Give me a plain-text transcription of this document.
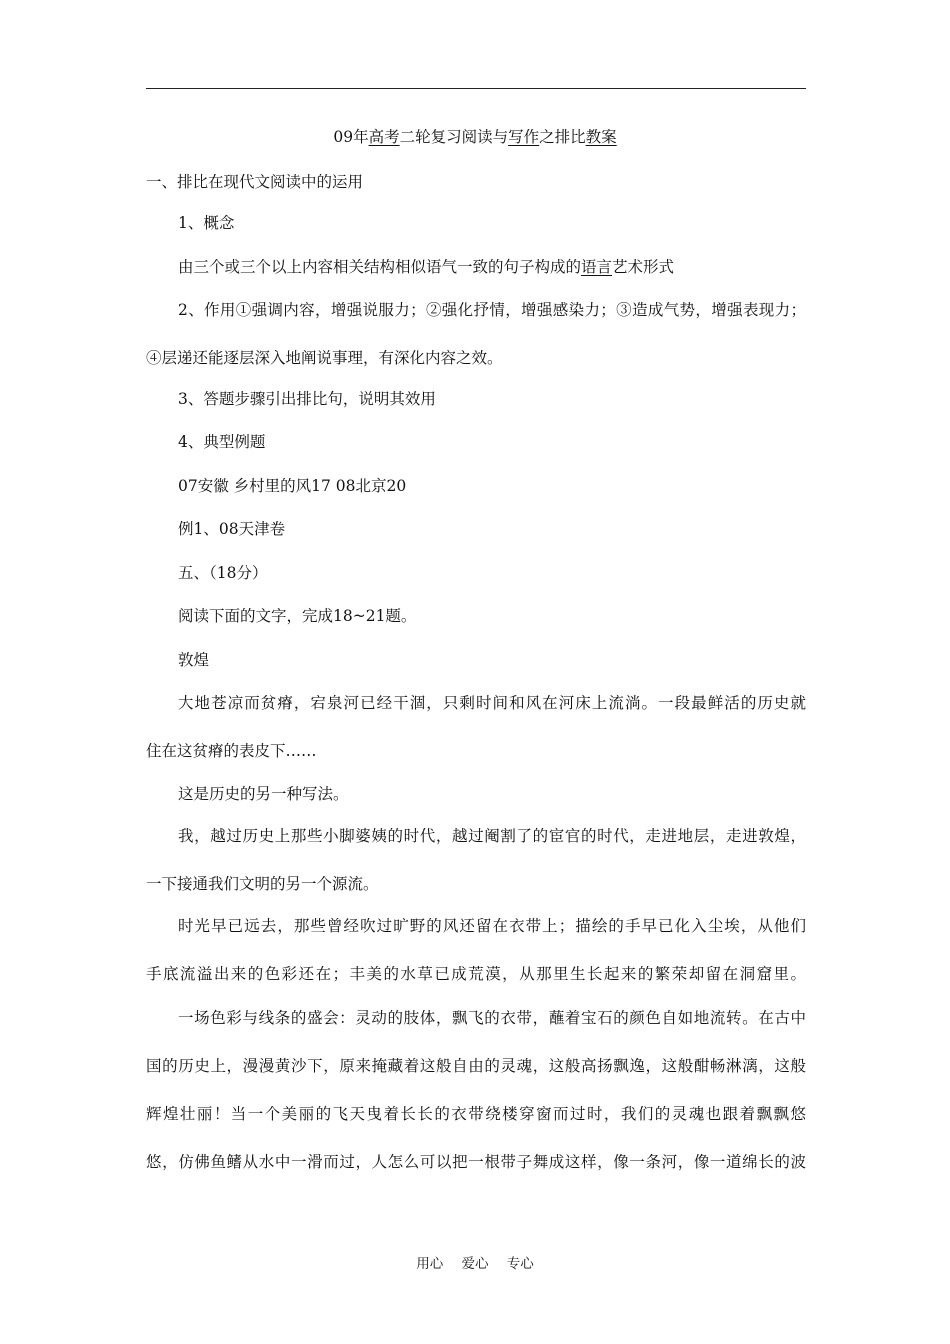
09年高考二轮复习阅读与写作之排比教案
一、排比在现代文阅读中的运用
1、概念
由三个或三个以上内容相关结构相似语气一致的句子构成的语言艺术形式
2、作用①强调内容，增强说服力；②强化抒情，增强感染力；③造成气势，增强表现力；
④层递还能逐层深入地阐说事理，有深化内容之效。
3、答题步骤引出排比句，说明其效用
4、典型例题
07安徽 乡村里的风17 08北京20
例1、08天津卷
五、（18分）
阅读下面的文字，完成18~21题。
敦煌
大地苍凉而贫瘠，宕泉河已经干涸，只剩时间和风在河床上流淌。一段最鲜活的历史就
住在这贫瘠的表皮下……
这是历史的另一种写法。
我，越过历史上那些小脚婆姨的时代，越过阉割了的宦官的时代，走进地层，走进敦煌，
一下接通我们文明的另一个源流。
时光早已远去，那些曾经吹过旷野的风还留在衣带上；描绘的手早已化入尘埃，从他们
手底流溢出来的色彩还在；丰美的水草已成荒漠，从那里生长起来的繁荣却留在洞窟里。
一场色彩与线条的盛会：灵动的肢体，飘飞的衣带，蘸着宝石的颜色自如地流转。在古中
国的历史上，漫漫黄沙下，原来掩藏着这般自由的灵魂，这般高扬飘逸，这般酣畅淋漓，这般
辉煌壮丽！当一个美丽的飞天曳着长长的衣带绕楼穿窗而过时，我们的灵魂也跟着飘飘悠
悠，仿佛鱼鳍从水中一滑而过，人怎么可以把一根带子舞成这样，像一条河，像一道绵长的波
用心 爱心 专心
